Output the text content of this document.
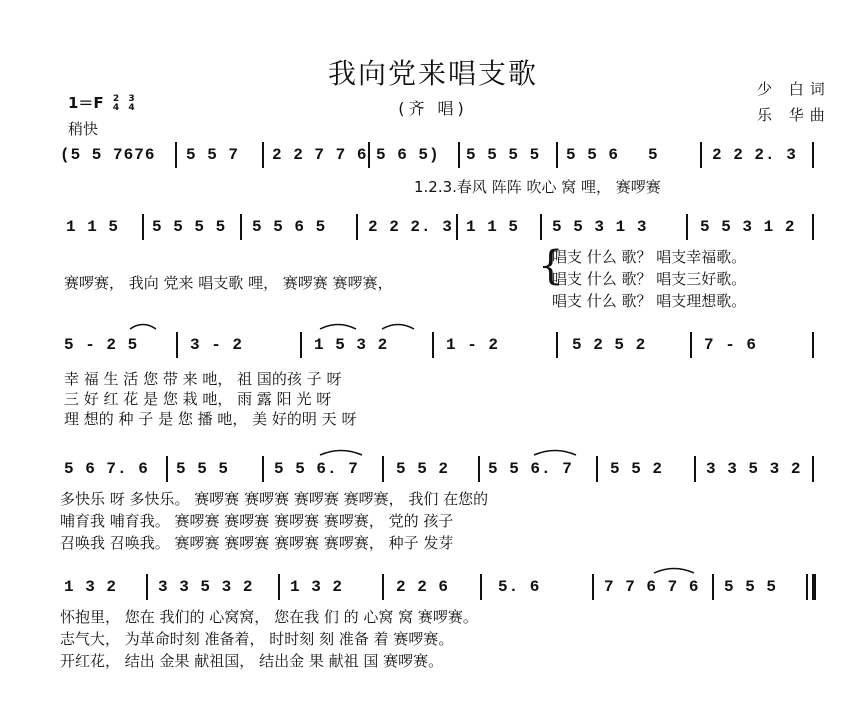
我向党来唱支歌
(齐 唱)
少 白词
乐 华曲
1＝F 2
4

3
4
稍快
(5 5 7676 5 5 7 2 2 7 7 6 5 6 5) 5 5 5 5 5 5 6 5	2 2 2. 3
1.2.3.春风 阵阵 吹心 窝 哩， 赛啰赛
1 1 5 5 5 5 5 5 5 6 5	2 2 2. 3 1 1 5 5 5 3 1 3	5 5 3 1 2
赛啰赛， 我向 党来 唱支歌 哩， 赛啰赛 赛啰赛，	{
唱支 什么 歌？ 唱支幸福歌。
唱支 什么 歌？ 唱支三好歌。
唱支 什么 歌？ 唱支理想歌。
5 - 2 5	3 - 2	1 5 3 2	1 - 2	5 2 5 2	7 - 6
幸 福 生 活 您 带 来 吔， 祖 国的孩 子 呀
三 好 红 花 是 您 栽 吔， 雨 露 阳 光 呀
理 想的 种 子 是 您 播 吔， 美 好的明 天 呀
5 6 7. 6 5 5 5	5 5 6. 7 5 5 2 5 5 6. 7 5 5 2	3 3 5 3 2
多快乐 呀 多快乐。 赛啰赛 赛啰赛 赛啰赛 赛啰赛， 我们 在您的
哺育我 哺育我。 赛啰赛 赛啰赛 赛啰赛 赛啰赛， 党的 孩子
召唤我 召唤我。 赛啰赛 赛啰赛 赛啰赛 赛啰赛， 种子 发芽
1 3 2	3 3 5 3 2 1 3 2	2 2 6	5. 6	7 7 6 7 6 5 5 5
怀抱里， 您在 我们的 心窝窝， 您在我 们 的 心窝 窝 赛啰赛。
志气大， 为革命时刻 准备着， 时时刻 刻 准备 着 赛啰赛。
开红花， 结出 金果 献祖国， 结出金 果 献祖 国 赛啰赛。
